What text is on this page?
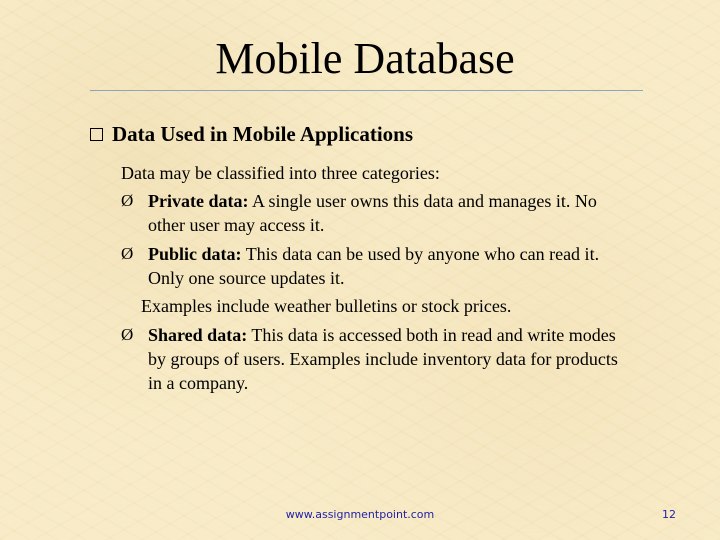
Mobile Database
Data Used in Mobile Applications
Data may be classified into three categories:
Ø Private data: A single user owns this data and manages it. No
other user may access it.
Ø Public data: This data can be used by anyone who can read it.
Only one source updates it.
Examples include weather bulletins or stock prices.
Ø Shared data: This data is accessed both in read and write modes
by groups of users. Examples include inventory data for products
in a company.
www.assignmentpoint.com	12
